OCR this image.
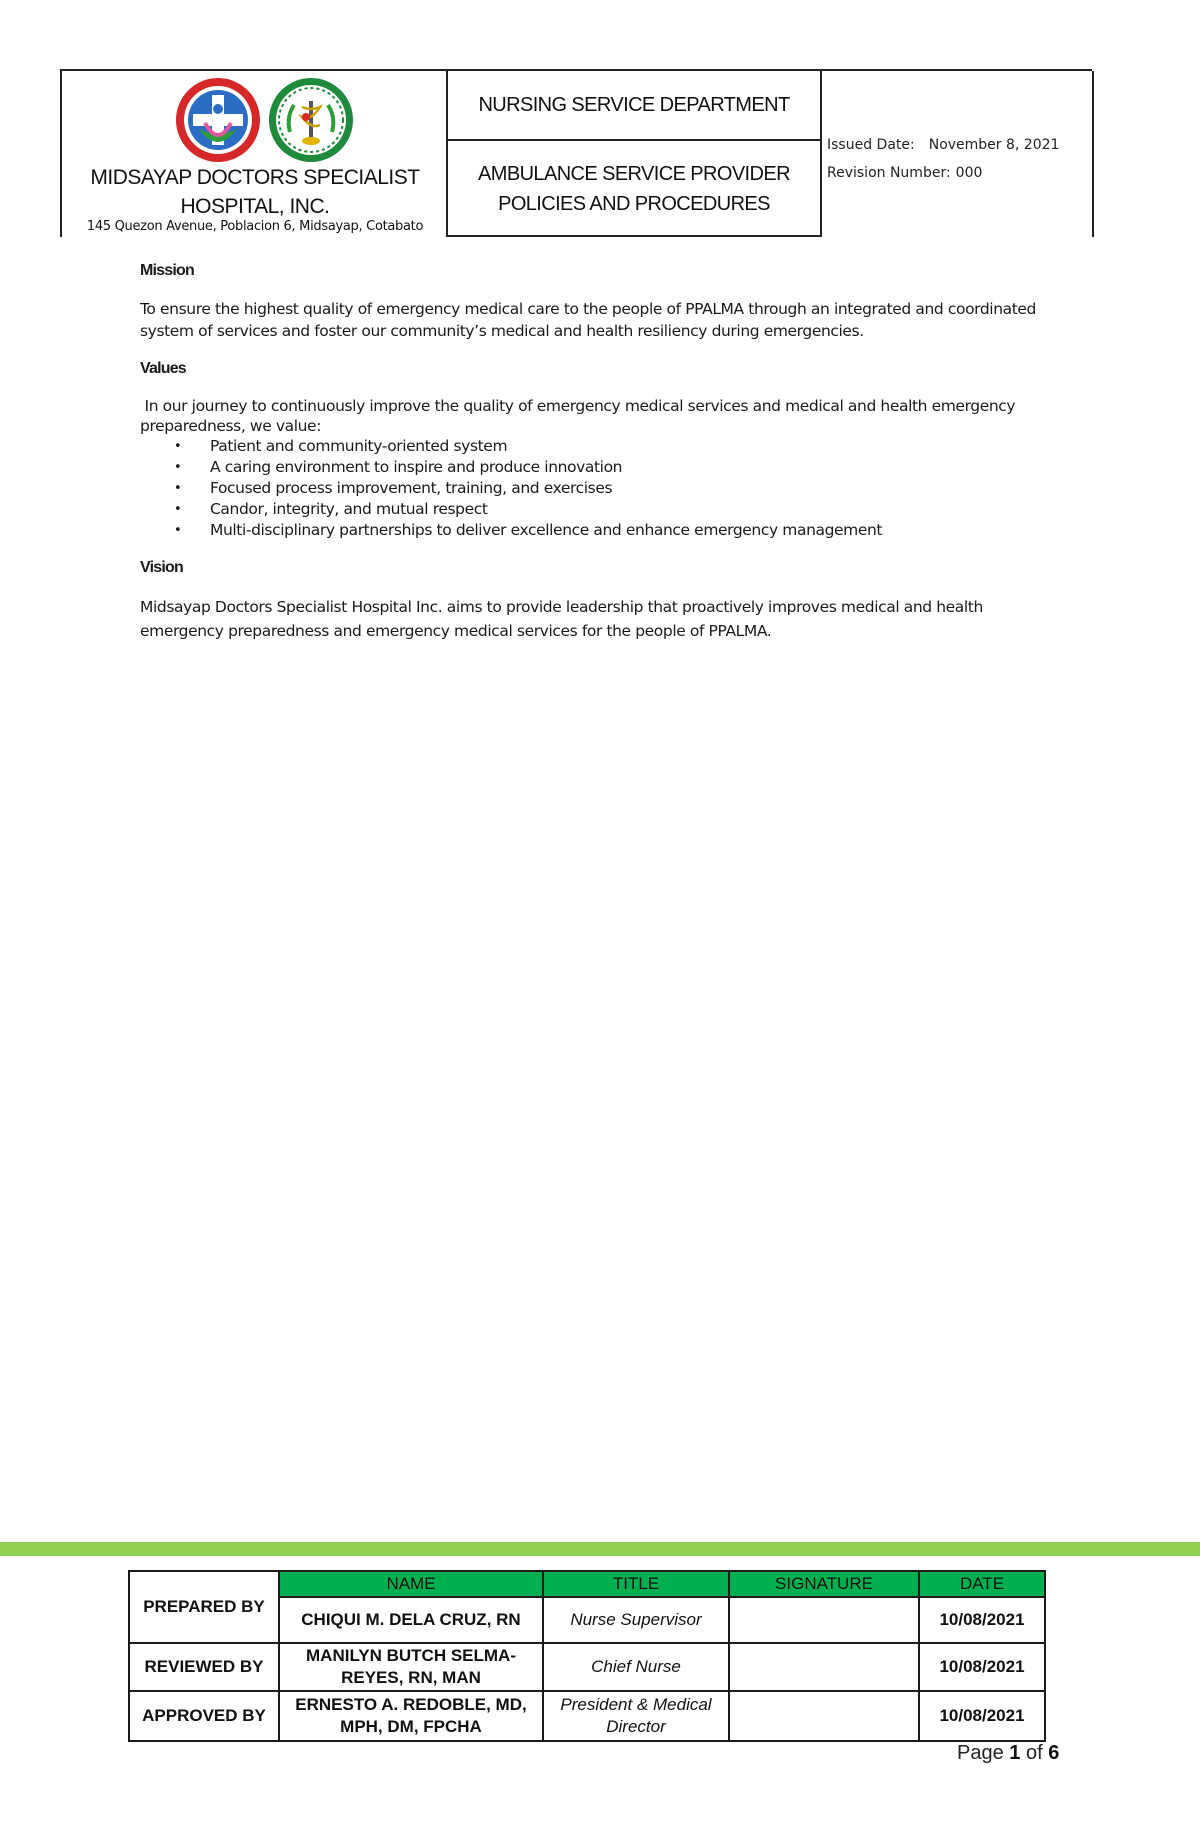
MIDSAYAP DOCTORS SPECIALIST
HOSPITAL, INC.
145 Quezon Avenue, Poblacion 6, Midsayap, Cotabato
NURSING SERVICE DEPARTMENT
AMBULANCE SERVICE PROVIDER
POLICIES AND PROCEDURES
Issued Date: November 8, 2021
Revision Number: 000
Mission

To ensure the highest quality of emergency medical care to the people of PPALMA through an integrated and coordinated system of services and foster our community’s medical and health resiliency during emergencies.

Values

In our journey to continuously improve the quality of emergency medical services and medical and health emergency preparedness, we value:

• Patient and community-oriented system
• A caring environment to inspire and produce innovation
• Focused process improvement, training, and exercises
• Candor, integrity, and mutual respect
• Multi-disciplinary partnerships to deliver excellence and enhance emergency management
Vision

Midsayap Doctors Specialist Hospital Inc. aims to provide leadership that proactively improves medical and health emergency preparedness and emergency medical services for the people of PPALMA.

PREPARED BY	NAME	TITLE	SIGNATURE	DATE
	CHIQUI M. DELA CRUZ, RN	Nurse Supervisor		10/08/2021
REVIEWED BY	MANILYN BUTCH SELMA-REYES, RN, MAN	Chief Nurse		10/08/2021
APPROVED BY	ERNESTO A. REDOBLE, MD, MPH, DM, FPCHA	President & Medical Director		10/08/2021
Page 1 of 6
